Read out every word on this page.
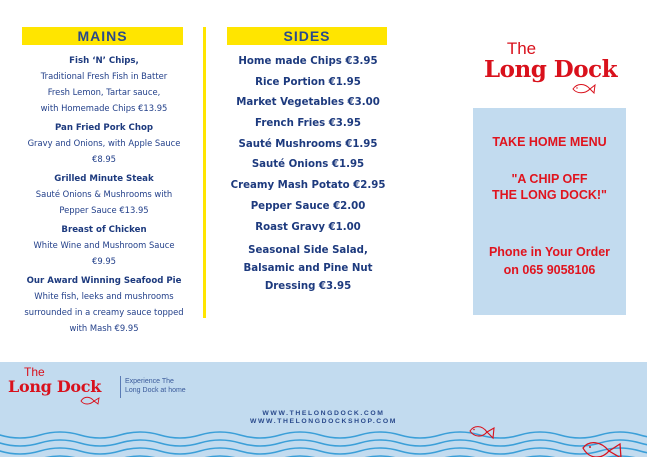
MAINS	SIDES
Fish ‘N’ Chips,
Traditional Fresh Fish in Batter
Fresh Lemon, Tartar sauce,
with Homemade Chips €13.95
Pan Fried Pork Chop
Gravy and Onions, with Apple Sauce
€8.95
Grilled Minute Steak
Sauté Onions & Mushrooms with
Pepper Sauce €13.95
Breast of Chicken
White Wine and Mushroom Sauce
€9.95
Our Award Winning Seafood Pie
White fish, leeks and mushrooms
surrounded in a creamy sauce topped
with Mash €9.95
Home made Chips €3.95
Rice Portion €1.95
Market Vegetables €3.00
French Fries €3.95
Sauté Mushrooms €1.95
Sauté Onions €1.95
Creamy Mash Potato €2.95
Pepper Sauce €2.00
Roast Gravy €1.00
Seasonal Side Salad,
Balsamic and Pine Nut
Dressing €3.95
The
Long Dock
TAKE HOME MENU
"A CHIP OFF
THE LONG DOCK!"
Phone in Your Order
on 065 9058106
The
Long Dock	Experience The
Long Dock at home
WWW.THELONGDOCK.COM
WWW.THELONGDOCKSHOP.COM
